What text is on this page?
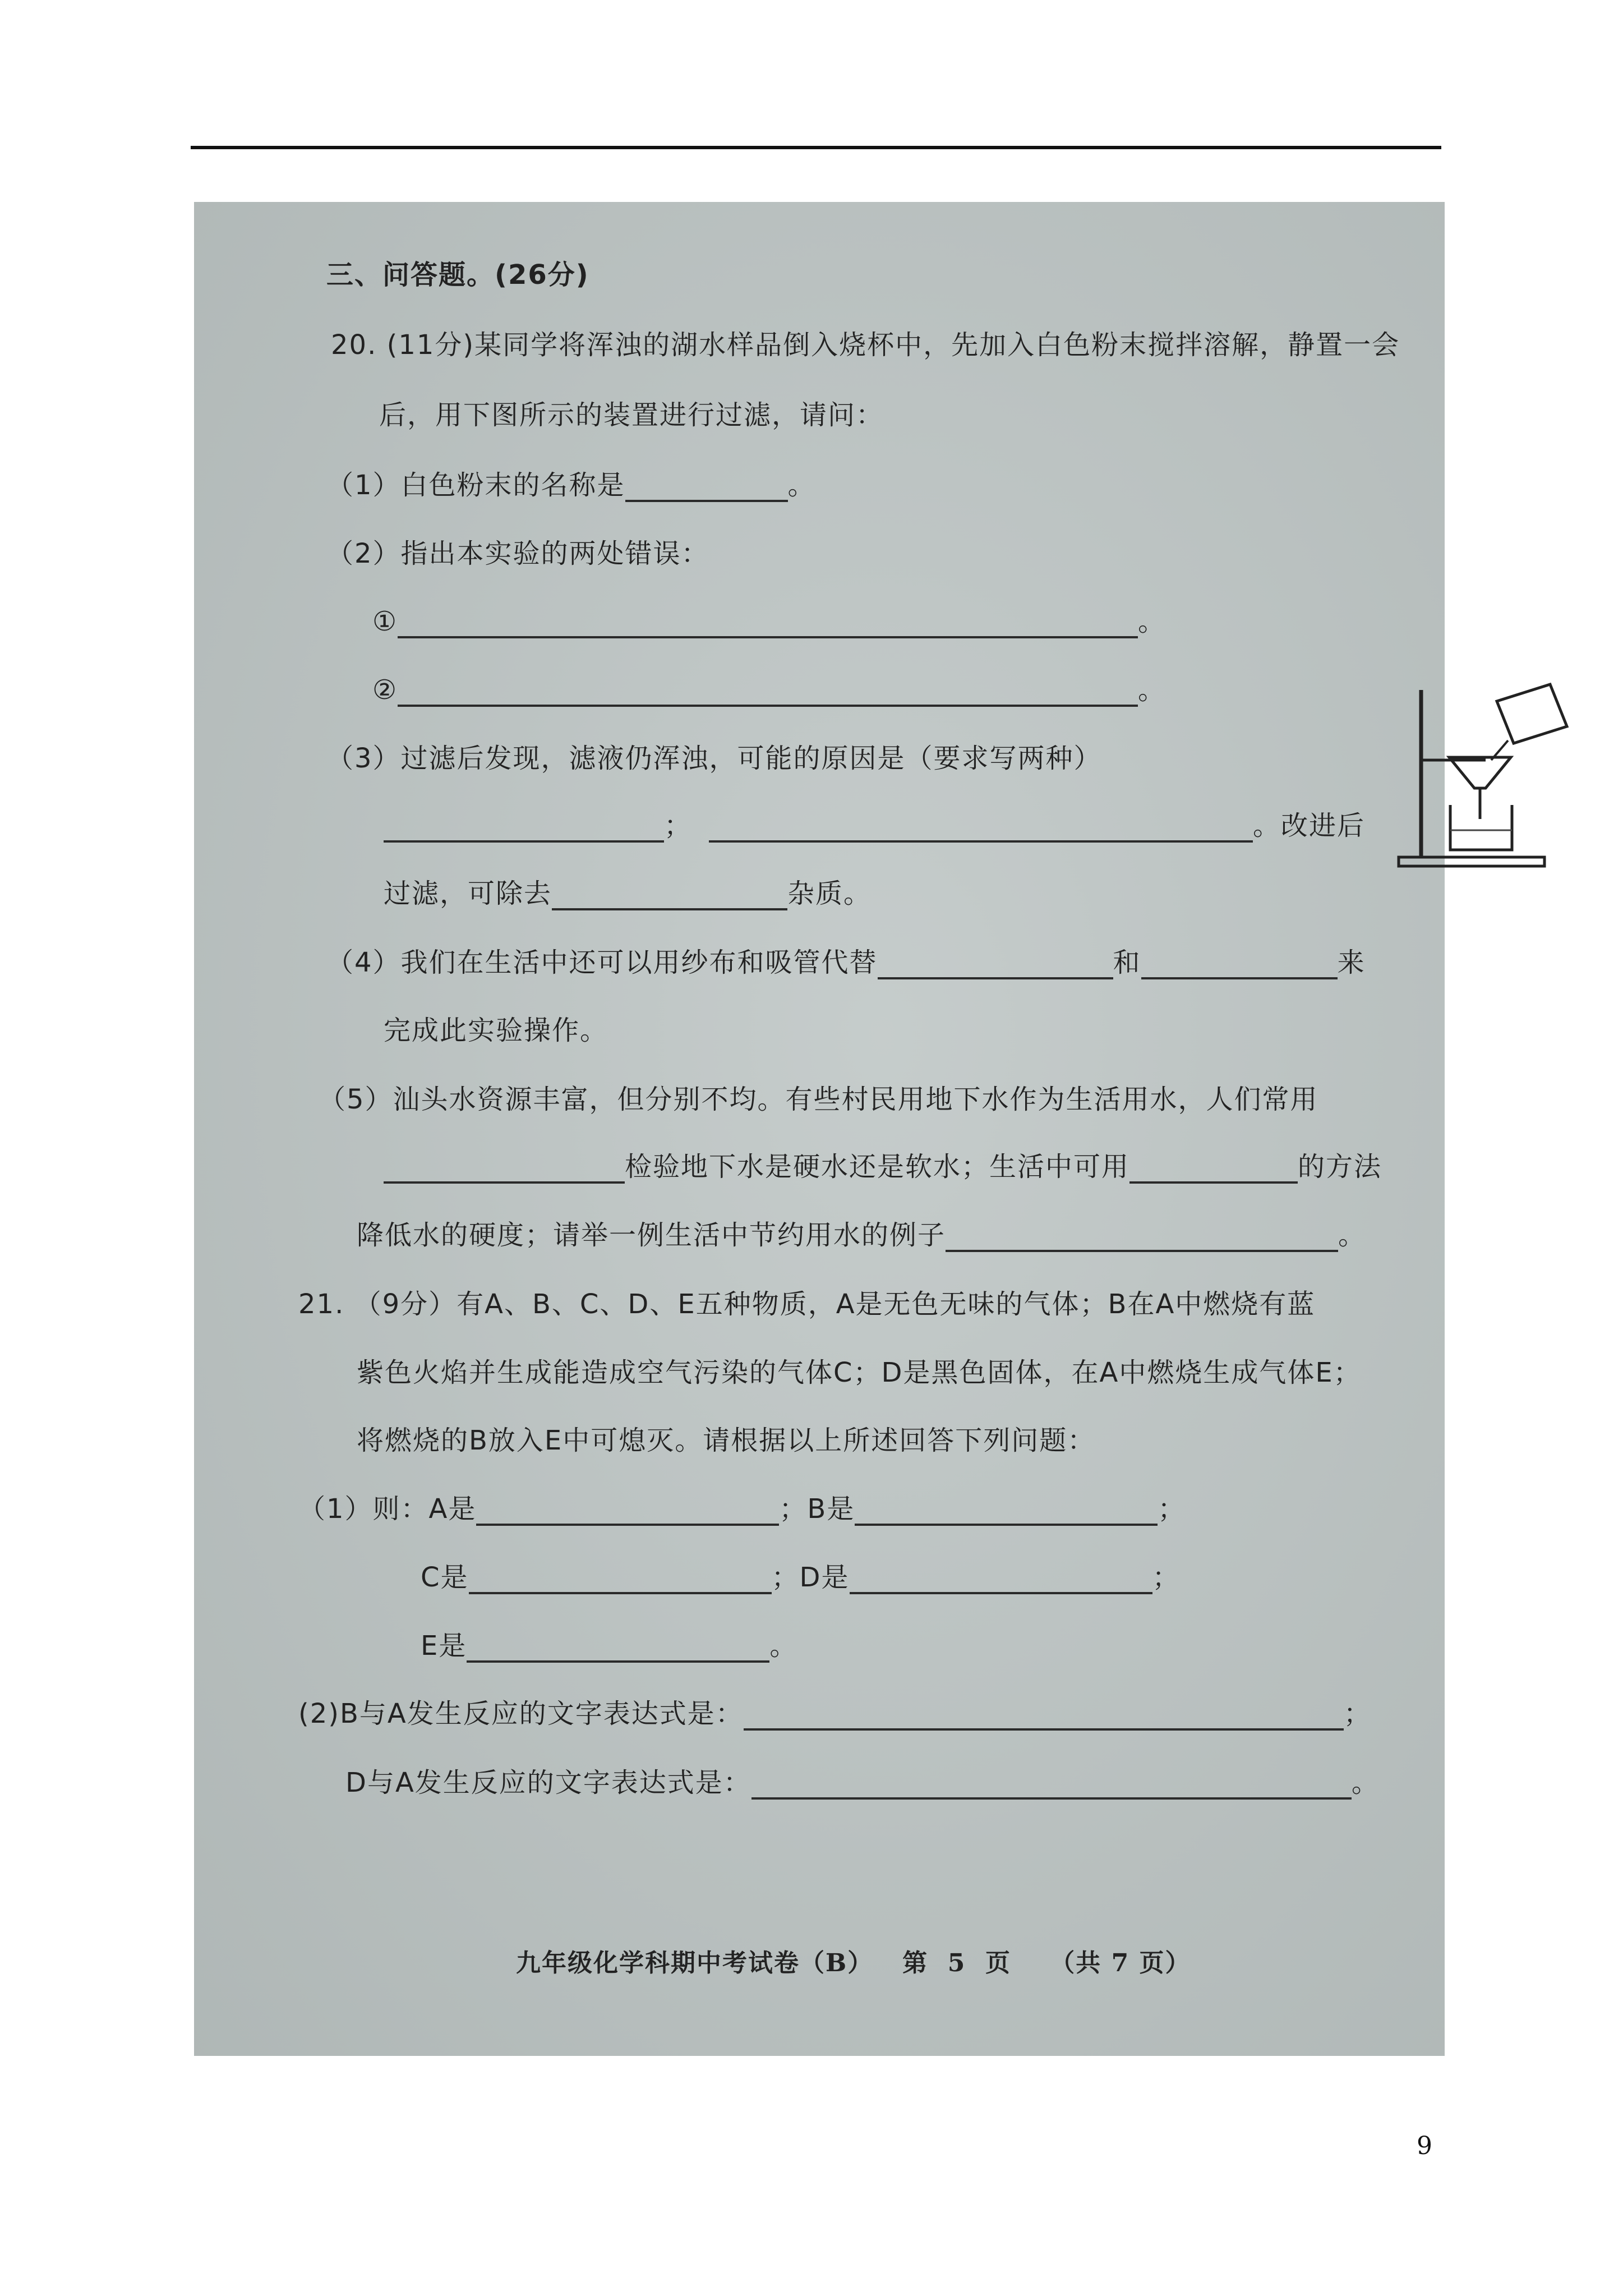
三、问答题。(26分)
20. (11分)某同学将浑浊的湖水样品倒入烧杯中，先加入白色粉末搅拌溶解，静置一会
后，用下图所示的装置进行过滤，请问：
（1）白色粉末的名称是	。
（2）指出本实验的两处错误：
①	。
②	。
（3）过滤后发现，滤液仍浑浊，可能的原因是（要求写两种）
；	。改进后
过滤，可除去	杂质。
（4）我们在生活中还可以用纱布和吸管代替	和	来
完成此实验操作。
（5）汕头水资源丰富，但分别不均。有些村民用地下水作为生活用水，人们常用
检验地下水是硬水还是软水；生活中可用	的方法
降低水的硬度；请举一例生活中节约用水的例子	。
21. （9分）有A、B、C、D、E五种物质，A是无色无味的气体；B在A中燃烧有蓝
紫色火焰并生成能造成空气污染的气体C；D是黑色固体，在A中燃烧生成气体E；
将燃烧的B放入E中可熄灭。请根据以上所述回答下列问题：
（1）则：A是	；B是	；
C是	；D是	；
E是	。
(2)B与A发生反应的文字表达式是：	；
D与A发生反应的文字表达式是：	。
九年级化学科期中考试卷（B）   第  5  页    （共 7 页）
9
